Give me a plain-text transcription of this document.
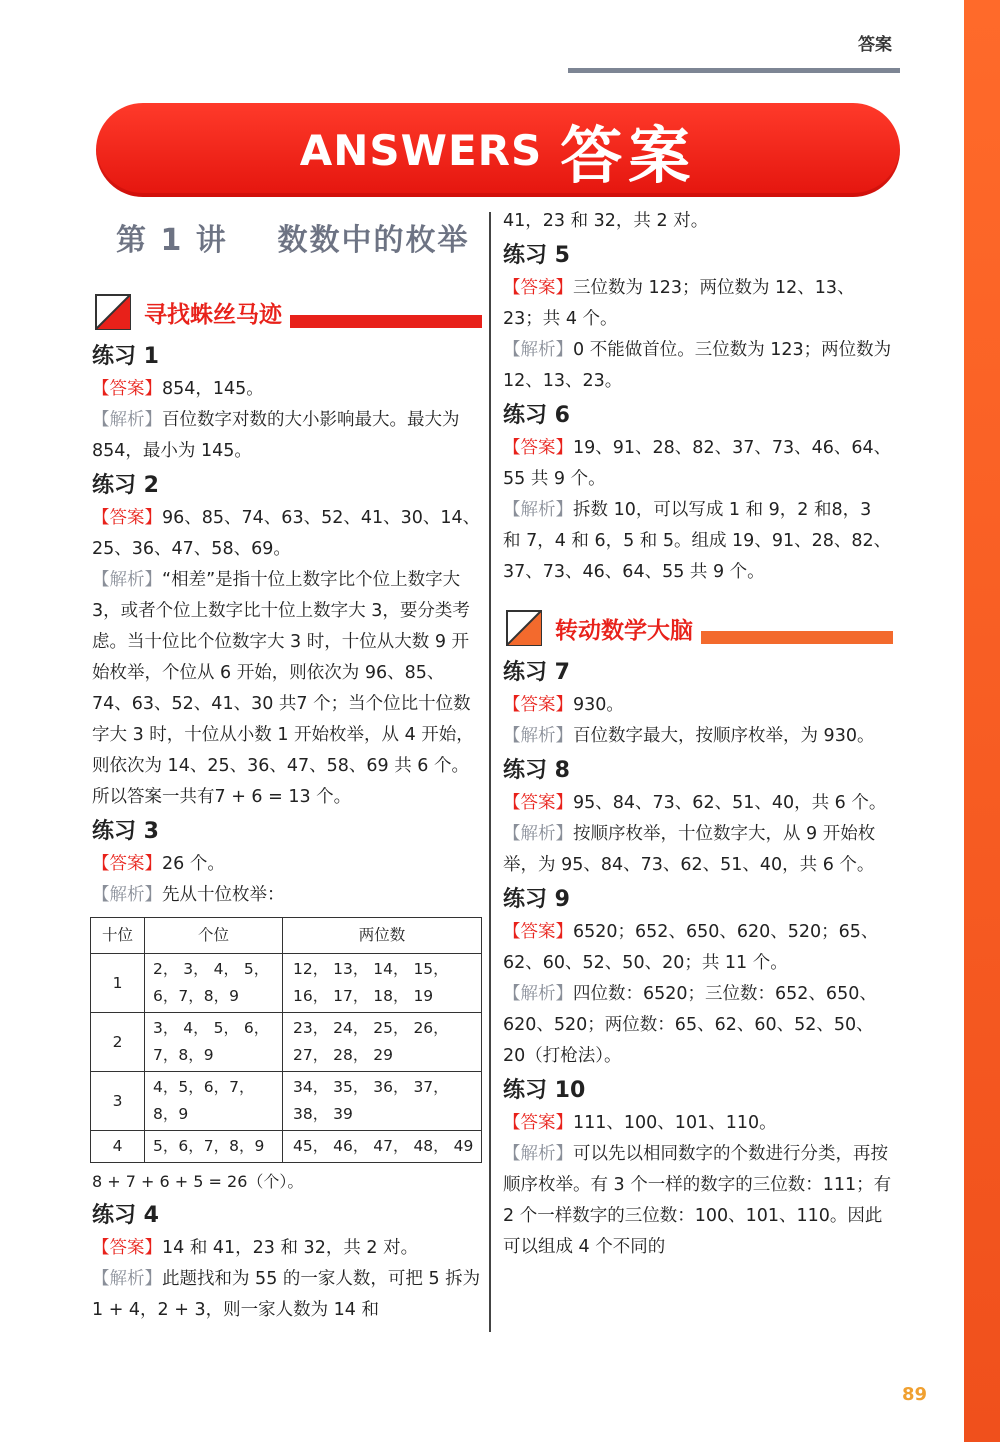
答案
ANSWERS 答案
第 1 讲    数数中的枚举
寻找蛛丝马迹
练习 1

【答案】854，145。

【解析】百位数字对数的大小影响最大。最大为 854，最小为 145。

练习 2

【答案】96、85、74、63、52、41、30、14、25、36、47、58、69。

【解析】“相差”是指十位上数字比个位上数字大 3，或者个位上数字比十位上数字大 3，要分类考虑。当十位比个位数字大 3 时，十位从大数 9 开始枚举，个位从 6 开始，则依次为 96、85、74、63、52、41、30 共7 个；当个位比十位数字大 3 时，十位从小数 1 开始枚举，从 4 开始，则依次为 14、25、36、47、58、69 共 6 个。所以答案一共有7 + 6 = 13 个。

练习 3

【答案】26 个。

【解析】先从十位枚举：

十位	个位	两位数
1	2， 3， 4， 5， 6，7，8，9	12， 13， 14， 15， 16， 17， 18， 19
2	3， 4， 5， 6， 7，8，9	23， 24， 25， 26， 27， 28， 29
3	4，5，6，7，8，9	34， 35， 36， 37， 38， 39
4	5，6，7，8，9	45， 46， 47， 48， 49

8 + 7 + 6 + 5 = 26（个）。

练习 4

【答案】14 和 41，23 和 32，共 2 对。

【解析】此题找和为 55 的一家人数，可把 5 拆为 1 + 4，2 + 3，则一家人数为 14 和

41，23 和 32，共 2 对。

练习 5

【答案】三位数为 123；两位数为 12、13、23；共 4 个。

【解析】0 不能做首位。三位数为 123；两位数为 12、13、23。

练习 6

【答案】19、91、28、82、37、73、46、64、55 共 9 个。

【解析】拆数 10，可以写成 1 和 9，2 和8，3 和 7，4 和 6，5 和 5。组成 19、91、28、82、37、73、46、64、55 共 9 个。

转动数学大脑
练习 7

【答案】930。

【解析】百位数字最大，按顺序枚举，为 930。

练习 8

【答案】95、84、73、62、51、40，共 6 个。

【解析】按顺序枚举，十位数字大，从 9 开始枚举，为 95、84、73、62、51、40，共 6 个。

练习 9

【答案】6520；652、650、620、520；65、62、60、52、50、20；共 11 个。

【解析】四位数：6520；三位数：652、650、620、520；两位数：65、62、60、52、50、20（打枪法）。

练习 10

【答案】111、100、101、110。

【解析】可以先以相同数字的个数进行分类，再按顺序枚举。有 3 个一样的数字的三位数：111；有 2 个一样数字的三位数：100、101、110。因此可以组成 4 个不同的

89
